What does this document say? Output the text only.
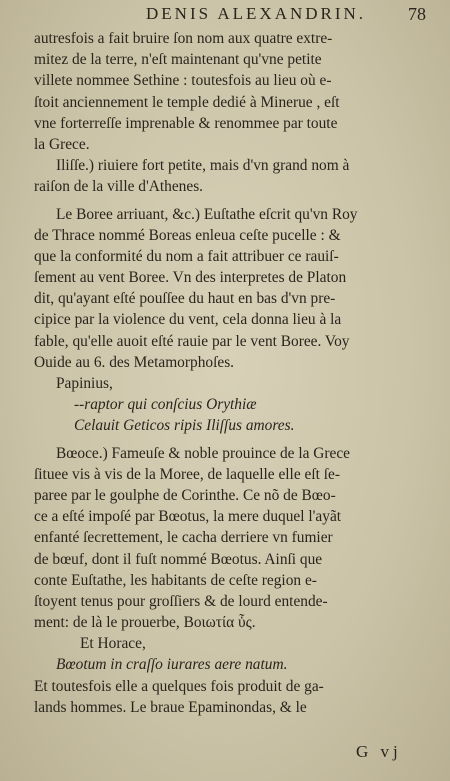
DENIS ALEXANDRIN. 78
autresfois a fait bruire ſon nom aux quatre extre-
mitez de la terre, n'eſt maintenant qu'vne petite
villete nommee Sethine : toutesfois au lieu où e-
ſtoit anciennement le temple dedié à Minerue , eſt
vne forterreſſe imprenable & renommee par toute
la Grece.
Iliſſe.) riuiere fort petite, mais d'vn grand nom à
raiſon de la ville d'Athenes.
Le Boree arriuant, &c.) Euſtathe eſcrit qu'vn Roy
de Thrace nommé Boreas enleua ceſte pucelle : &
que la conformité du nom a fait attribuer ce rauiſ-
ſement au vent Boree. Vn des interpretes de Platon
dit, qu'ayant eſté pouſſee du haut en bas d'vn pre-
cipice par la violence du vent, cela donna lieu à la
fable, qu'elle auoit eſté rauie par le vent Boree. Voy
Ouide au 6. des Metamorphoſes.
Papinius,
--raptor qui conſcius Orythiæ
Celauit Geticos ripis Iliſſus amores.
Bœoce.) Fameuſe & noble prouince de la Grece
ſituee vis à vis de la Moree, de laquelle elle eſt ſe-
paree par le goulphe de Corinthe. Ce nõ de Bœo-
ce a eſté impoſé par Bœotus, la mere duquel l'ayãt
enfanté ſecrettement, le cacha derriere vn fumier
de bœuf, dont il fuſt nommé Bœotus. Ainſi que
conte Euſtathe, les habitants de ceſte region e-
ſtoyent tenus pour groſſiers & de lourd entende-
ment: de là le prouerbe, Βοιωτία ὗς.
Et Horace,
Bœotum in craſſo iurares aere natum.
Et toutesfois elle a quelques fois produit de ga-
lands hommes. Le braue Epaminondas, & le
G vj
